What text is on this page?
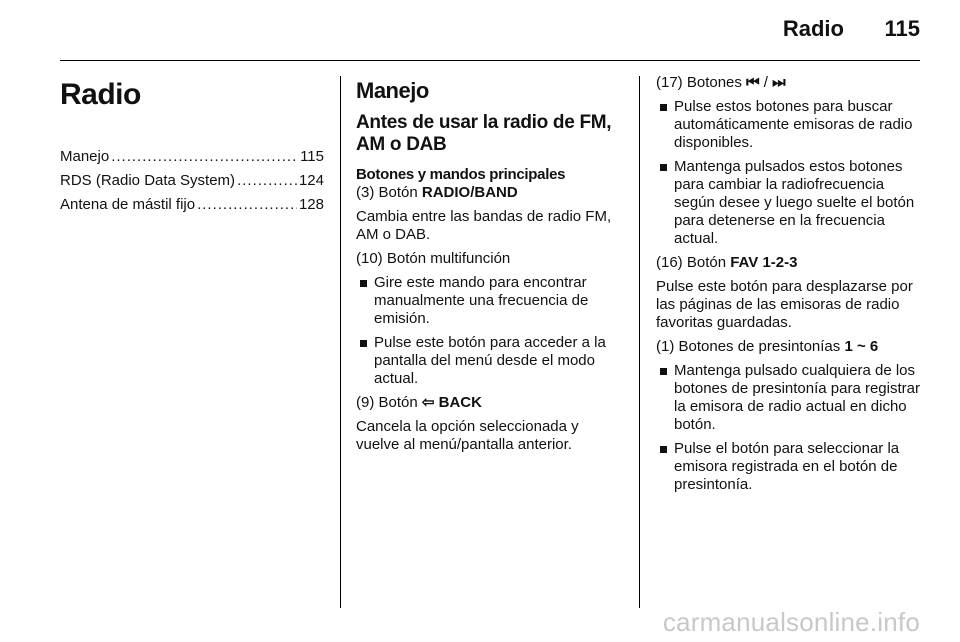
Radio 115
Radio
Manejo .....	115
RDS (Radio Data System) .....	124
Antena de mástil fijo .....	128
Manejo
Antes de usar la radio de FM, AM o DAB
Botones y mandos principales

(3) Botón RADIO/BAND

Cambia entre las bandas de radio FM, AM o DAB.

(10) Botón multifunción

Gire este mando para encontrar manualmente una frecuencia de emisión.
Pulse este botón para acceder a la pantalla del menú desde el modo actual.

(9) Botón ⇦ BACK

Cancela la opción seleccionada y vuelve al menú/pantalla anterior.

(17) Botones ⏮ / ⏭

Pulse estos botones para buscar automáticamente emisoras de radio disponibles.
Mantenga pulsados estos botones para cambiar la radiofrecuencia según desee y luego suelte el botón para detenerse en la frecuencia actual.

(16) Botón FAV 1-2-3

Pulse este botón para desplazarse por las páginas de las emisoras de radio favoritas guardadas.

(1) Botones de presintonías 1 ~ 6

Mantenga pulsado cualquiera de los botones de presintonía para registrar la emisora de radio actual en dicho botón.
Pulse el botón para seleccionar la emisora registrada en el botón de presintonía.
carmanualsonline.info
